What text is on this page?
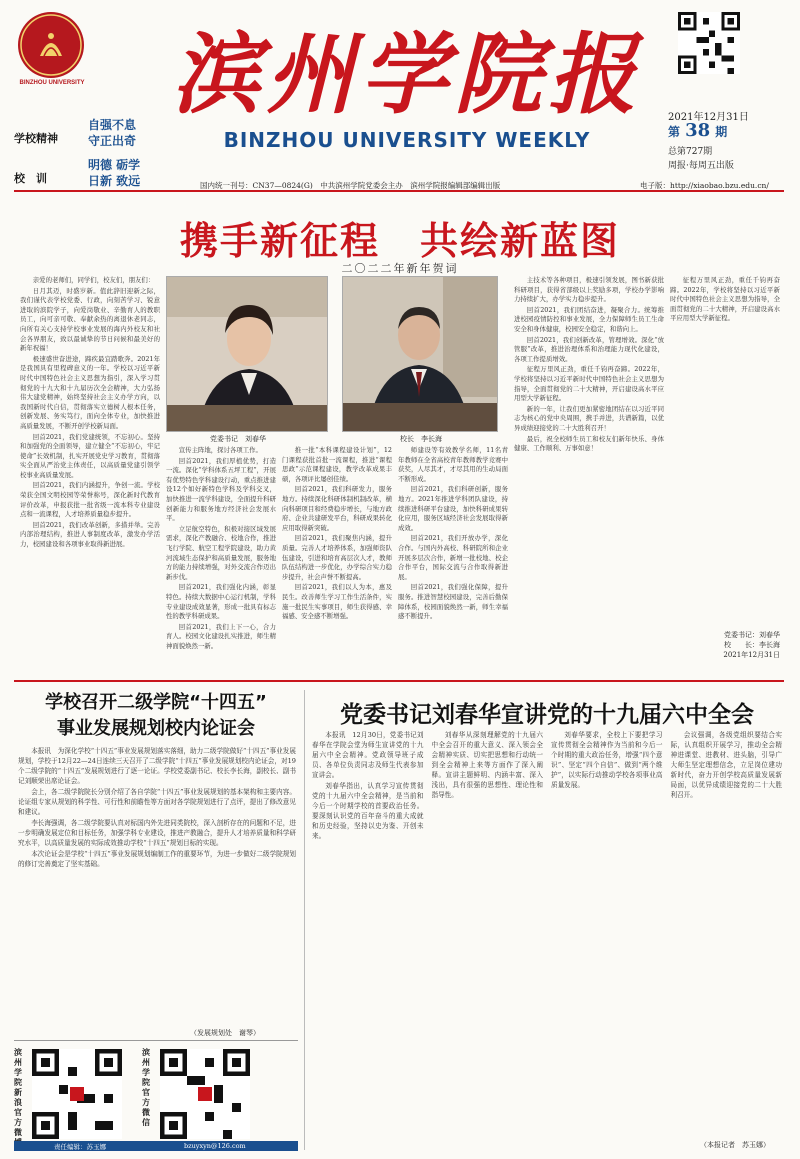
BINZHOU UNIVERSITY
学校精神
校　训
自强不息
守正出奇
明德 砺学
日新 致远
滨州学院报
BINZHOU UNIVERSITY WEEKLY
2021年12月31日
第 38 期
总第727期
周报·每周五出版
国内统一刊号：CN37—0824(G)　中共滨州学院党委会主办　滨州学院报编辑部编辑出版	电子版：http://xiaobao.bzu.edu.cn/
携手新征程　共绘新蓝图
二〇二二年新年贺词

亲爱的老师们，同学们，校友们，朋友们：

日月其迈，时盛岁新。值此辞旧迎新之际，我们谨代表学校党委、行政，向刻苦学习、锐意进取的滨院学子，向爱岗敬业、辛勤育人的教职员工，向可亲可敬、奉献余热的离退休老同志，向所有关心支持学校事业发展的海内外校友和社会各界朋友，致以最诚挚的节日问候和最美好的新年祝福！

极速盛世奋进途，蹄疾最宜踏歌奔。2021年是我国具有里程碑意义的一年。学校以习近平新时代中国特色社会主义思想为指引，深入学习贯彻党的十九大和十九届历次全会精神，大力弘扬伟大建党精神，始终坚持社会主义办学方向，以我国新时代自信，贯彻落实立德树人根本任务，创新发展、务实笃行，面向全体专业，加快推进高质量发展，不断开创学校新局面。

回首2021，我们党建统领，不忘初心。坚持和加强党的全面领导，建立健全“不忘初心，牢记使命”长效机制，扎实开展党史学习教育，贯彻落实全面从严治党主体责任，以高质量党建引领学校事业高质量发展。

回首2021，我们内涵提升，争创一流。学校荣获全国文明校园等荣誉称号，深化新时代教育评价改革，申报获批一批省级一流本科专业建设点和一流课程，人才培养质量稳步提升。

回首2021，我们改革创新，多措并举。完善内部治理结构，推进人事制度改革，激发办学活力，校园建设和各项事业取得新进展。

党委书记　刘春华	校长　李长海

宣传主阵地，探讨各项工作。

回首2021，我们厚植优势，打造一流。深化“学科体系五坪工程”，开展有优势特色学科建设行动，重点推进建设12个如好新特色学科及学科交叉，加快推进一流学科建设，全面提升科研创新能力和服务地方经济社会发展水平。

立足航空特色，积极对接区域发展需求，深化产教融合、校地合作，推进飞行学院、航空工程学院建设，助力黄河流域生态保护和高质量发展，服务地方的能力持续增强，对外交流合作迈出新步伐。

回首2021，我们强化内涵，彰显特色。持续大数据中心运行机制，学科专业建设成效显著，形成一批具有标志性的教学科研成果。

回首2021，我们上下一心，合力育人。校园文化建设扎实推进，师生精神面貌焕然一新。

推一批“本科课程建设计划”，12门课程获批首批一流课程，推进“课程思政”示范课程建设，教学改革成果丰硕，各项评比屡创佳绩。

回首2021，我们科研发力，服务地方。持续深化科研体制机制改革，横向科研项目和经费稳步增长，与地方政府、企业共建研发平台，科研成果转化应用取得新突破。

回首2021，我们聚焦内涵，提升质量。完善人才培养体系，加强师资队伍建设，引进和培育高层次人才，教师队伍结构进一步优化，办学综合实力稳步提升，社会声誉不断提高。

回首2021，我们以人为本，惠及民生。改善师生学习工作生活条件，实施一批民生实事项目，师生获得感、幸福感、安全感不断增强。

师建设等有效教学名师，11名青年教师在全省高校青年教师教学竞赛中获奖，人尽其才，才尽其用的生动局面不断形成。

回首2021，我们科研创新，服务地方。2021年推进学科团队建设，持续推进科研平台建设，加快科研成果转化应用，服务区域经济社会发展取得新成效。

回首2021，我们开放办学，深化合作。与国内外高校、科研院所和企业开展多层次合作，新增一批校地、校企合作平台，国际交流与合作取得新进展。

回首2021，我们强化保障，提升服务。推进智慧校园建设，完善后勤保障体系，校园面貌焕然一新，师生幸福感不断提升。

主技术等各种项目，极速引领发展，图书新获批科研项目，获得省部级以上奖励多项，学校办学影响力持续扩大，办学实力稳步提升。

回首2021，我们团结奋进，凝聚合力。统筹推进校园疫情防控和事业发展，全力保障师生员工生命安全和身体健康，校园安全稳定，和谐向上。

回首2021，我们创新改革，管理增效。深化“放管服”改革，推进治理体系和治理能力现代化建设，各项工作提质增效。

征程万里风正劲，重任千钧再奋蹄。2022年，学校将坚持以习近平新时代中国特色社会主义思想为指导，全面贯彻党的二十大精神，开启建设高水平应用型大学新征程。

新的一年，让我们更加紧密地团结在以习近平同志为核心的党中央周围，携手并进，共谱新篇，以优异成绩迎接党的二十大胜利召开！

最后，祝全校师生员工和校友们新年快乐、身体健康、工作顺利、万事如意！

征程万里风正劲，重任千钧再奋蹄。2022年，学校将坚持以习近平新时代中国特色社会主义思想为指导，全面贯彻党的二十大精神，开启建设高水平应用型大学新征程。

党委书记：刘春华
校　　长：李长海
2021年12月31日
学校召开二级学院“十四五”
事业发展规划校内论证会

本报讯　为深化学校“十四五”事业发展规划落实落细，助力二级学院做好“十四五”事业发展规划，学校于12月22—24日连续三天召开了二级学院“十四五”事业发展规划校内论证会，对19个二级学院的“十四五”发展规划进行了逐一论证。学校党委副书记、校长李长海，副校长、副书记刘顺荣出席论证会。

会上，各二级学院院长分别介绍了各自学院“十四五”事业发展规划的基本架构和主要内容。论证组专家从规划的科学性、可行性和前瞻性等方面对各学院规划进行了点评，提出了修改意见和建议。

李长海强调，各二级学院要认真对标国内外先进同类院校，深入剖析存在的问题和不足，进一步明确发展定位和目标任务，加强学科专业建设，推进产教融合，提升人才培养质量和科学研究水平，以高质量发展的实际成效推动学校“十四五”规划目标的实现。

本次论证会是学校“十四五”事业发展规划编制工作的重要环节，为进一步做好二级学院规划的修订完善奠定了坚实基础。

（发展规划处　谢琴）
滨州学院新浪官方微
滨州学院官方微信
责任编辑：苏玉娜	bzuyxyn@126.com
党委书记刘春华宣讲党的十九届六中全会

本报讯　12月30日，党委书记刘春华在学院会堂为师生宣讲党的十九届六中全会精神。党政领导班子成员、各单位负责同志及师生代表参加宣讲会。

刘春华指出，认真学习宣传贯彻党的十九届六中全会精神，是当前和今后一个时期学校的首要政治任务。要深刻认识党的百年奋斗的重大成就和历史经验，坚持以史为鉴、开创未来。

刘春华从深刻理解党的十九届六中全会召开的重大意义、深入领会全会精神实质、切实把思想和行动统一到全会精神上来等方面作了深入阐释。宣讲主题鲜明、内涵丰富、深入浅出，具有很强的思想性、理论性和指导性。

刘春华要求，全校上下要把学习宣传贯彻全会精神作为当前和今后一个时期的重大政治任务，增强“四个意识”、坚定“四个自信”、做到“两个维护”，以实际行动推动学校各项事业高质量发展。

会议强调，各级党组织要结合实际，认真组织开展学习，推动全会精神进课堂、进教材、进头脑，引导广大师生坚定理想信念，立足岗位建功新时代，奋力开创学校高质量发展新局面，以优异成绩迎接党的二十大胜利召开。

（本报记者　苏玉娜）
